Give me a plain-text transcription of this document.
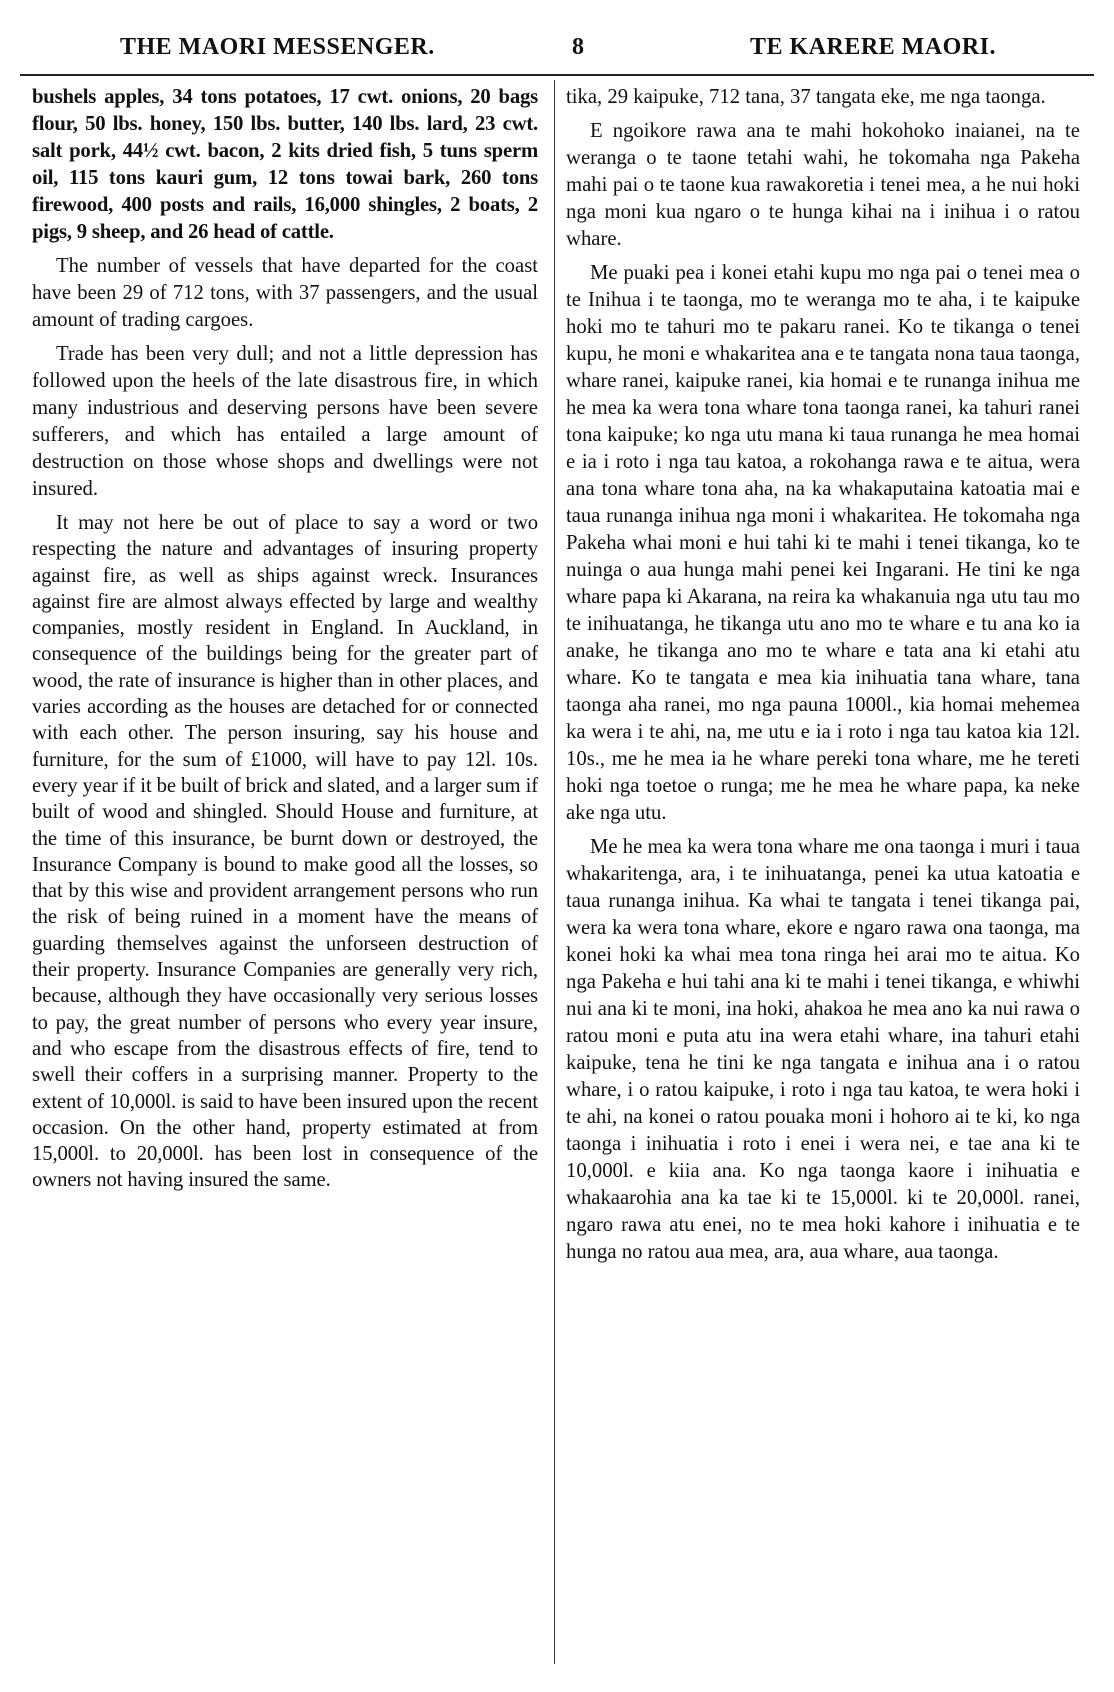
THE MAORI MESSENGER.	8	TE KARERE MAORI.

bushels apples, 34 tons potatoes, 17 cwt. onions, 20 bags flour, 50 lbs. honey, 150 lbs. butter, 140 lbs. lard, 23 cwt. salt pork, 44½ cwt. bacon, 2 kits dried fish, 5 tuns sperm oil, 115 tons kauri gum, 12 tons towai bark, 260 tons firewood, 400 posts and rails, 16,000 shingles, 2 boats, 2 pigs, 9 sheep, and 26 head of cattle.

The number of vessels that have departed for the coast have been 29 of 712 tons, with 37 passengers, and the usual amount of trading cargoes.

Trade has been very dull; and not a little depression has followed upon the heels of the late disastrous fire, in which many industrious and deserving persons have been severe sufferers, and which has entailed a large amount of destruction on those whose shops and dwellings were not insured.

It may not here be out of place to say a word or two respecting the nature and advantages of insuring property against fire, as well as ships against wreck. Insurances against fire are almost always effected by large and wealthy companies, mostly resident in England. In Auckland, in consequence of the buildings being for the greater part of wood, the rate of insurance is higher than in other places, and varies according as the houses are detached for or connected with each other. The person insuring, say his house and furniture, for the sum of £1000, will have to pay 12l. 10s. every year if it be built of brick and slated, and a larger sum if built of wood and shingled. Should House and furniture, at the time of this insurance, be burnt down or destroyed, the Insurance Company is bound to make good all the losses, so that by this wise and provident arrangement persons who run the risk of being ruined in a moment have the means of guarding themselves against the unforseen destruction of their property. Insurance Companies are generally very rich, because, although they have occasionally very serious losses to pay, the great number of persons who every year insure, and who escape from the disastrous effects of fire, tend to swell their coffers in a surprising manner. Property to the extent of 10,000l. is said to have been insured upon the recent occasion. On the other hand, property estimated at from 15,000l. to 20,000l. has been lost in consequence of the owners not having insured the same.

tika, 29 kaipuke, 712 tana, 37 tangata eke, me nga taonga.

E ngoikore rawa ana te mahi hokohoko inaianei, na te weranga o te taone tetahi wahi, he tokomaha nga Pakeha mahi pai o te taone kua rawakoretia i tenei mea, a he nui hoki nga moni kua ngaro o te hunga kihai na i inihua i o ratou whare.

Me puaki pea i konei etahi kupu mo nga pai o tenei mea o te Inihua i te taonga, mo te weranga mo te aha, i te kaipuke hoki mo te tahuri mo te pakaru ranei. Ko te tikanga o tenei kupu, he moni e whakaritea ana e te tangata nona taua taonga, whare ranei, kaipuke ranei, kia homai e te runanga inihua me he mea ka wera tona whare tona taonga ranei, ka tahuri ranei tona kaipuke; ko nga utu mana ki taua runanga he mea homai e ia i roto i nga tau katoa, a rokohanga rawa e te aitua, wera ana tona whare tona aha, na ka whakaputaina katoatia mai e taua runanga inihua nga moni i whakaritea. He tokomaha nga Pakeha whai moni e hui tahi ki te mahi i tenei tikanga, ko te nuinga o aua hunga mahi penei kei Ingarani. He tini ke nga whare papa ki Akarana, na reira ka whakanuia nga utu tau mo te inihuatanga, he tikanga utu ano mo te whare e tu ana ko ia anake, he tikanga ano mo te whare e tata ana ki etahi atu whare. Ko te tangata e mea kia inihuatia tana whare, tana taonga aha ranei, mo nga pauna 1000l., kia homai mehemea ka wera i te ahi, na, me utu e ia i roto i nga tau katoa kia 12l. 10s., me he mea ia he whare pereki tona whare, me he tereti hoki nga toetoe o runga; me he mea he whare papa, ka neke ake nga utu.

Me he mea ka wera tona whare me ona taonga i muri i taua whakaritenga, ara, i te inihuatanga, penei ka utua katoatia e taua runanga inihua. Ka whai te tangata i tenei tikanga pai, wera ka wera tona whare, ekore e ngaro rawa ona taonga, ma konei hoki ka whai mea tona ringa hei arai mo te aitua. Ko nga Pakeha e hui tahi ana ki te mahi i tenei tikanga, e whiwhi nui ana ki te moni, ina hoki, ahakoa he mea ano ka nui rawa o ratou moni e puta atu ina wera etahi whare, ina tahuri etahi kaipuke, tena he tini ke nga tangata e inihua ana i o ratou whare, i o ratou kaipuke, i roto i nga tau katoa, te wera hoki i te ahi, na konei o ratou pouaka moni i hohoro ai te ki, ko nga taonga i inihuatia i roto i enei i wera nei, e tae ana ki te 10,000l. e kiia ana. Ko nga taonga kaore i inihuatia e whakaarohia ana ka tae ki te 15,000l. ki te 20,000l. ranei, ngaro rawa atu enei, no te mea hoki kahore i inihuatia e te hunga no ratou aua mea, ara, aua whare, aua taonga.
